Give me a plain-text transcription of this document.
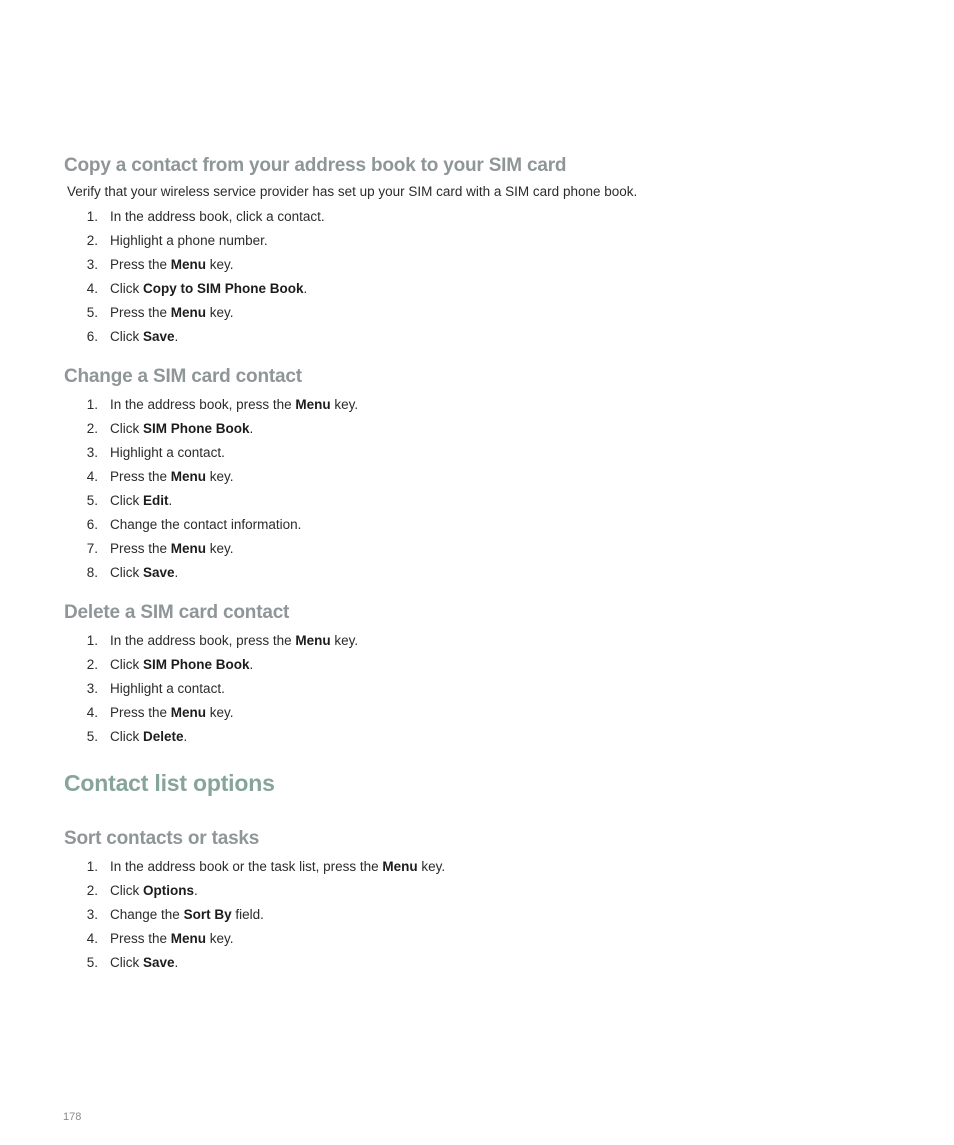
Copy a contact from your address book to your SIM card

Verify that your wireless service provider has set up your SIM card with a SIM card phone book.

1. In the address book, click a contact.
2. Highlight a phone number.
3. Press the Menu key.
4. Click Copy to SIM Phone Book.
5. Press the Menu key.
6. Click Save.
Change a SIM card contact
1. In the address book, press the Menu key.
2. Click SIM Phone Book.
3. Highlight a contact.
4. Press the Menu key.
5. Click Edit.
6. Change the contact information.
7. Press the Menu key.
8. Click Save.
Delete a SIM card contact
1. In the address book, press the Menu key.
2. Click SIM Phone Book.
3. Highlight a contact.
4. Press the Menu key.
5. Click Delete.
Contact list options
Sort contacts or tasks
1. In the address book or the task list, press the Menu key.
2. Click Options.
3. Change the Sort By field.
4. Press the Menu key.
5. Click Save.
178
